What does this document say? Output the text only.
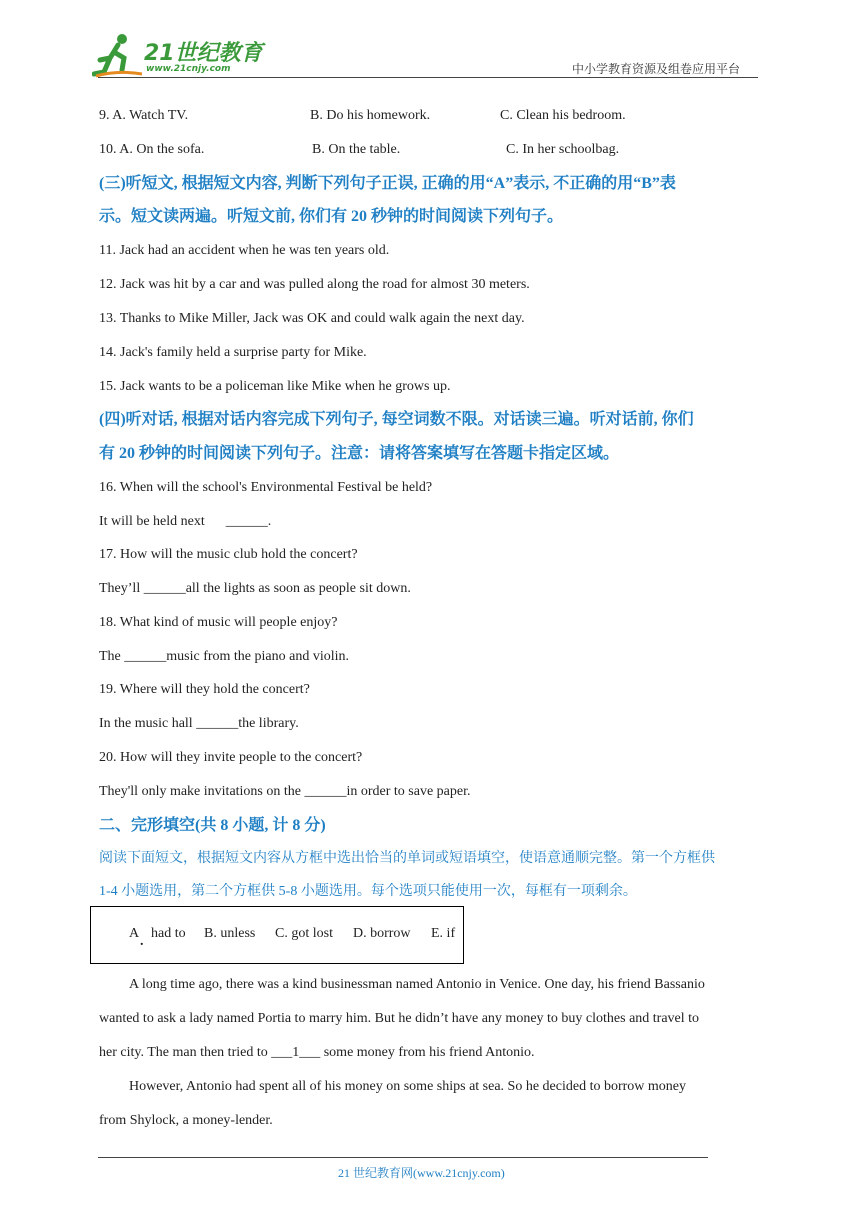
21世纪教育
www.21cnjy.com	中小学教育资源及组卷应用平台
9. A. Watch TV.	B. Do his homework.	C. Clean his bedroom.
10. A. On the sofa.	B. On the table.	C. In her schoolbag.
(三)听短文, 根据短文内容, 判断下列句子正误, 正确的用“A”表示, 不正确的用“B”表
示。短文读两遍。听短文前, 你们有 20 秒钟的时间阅读下列句子。
11. Jack had an accident when he was ten years old.
12. Jack was hit by a car and was pulled along the road for almost 30 meters.
13. Thanks to Mike Miller, Jack was OK and could walk again the next day.
14. Jack's family held a surprise party for Mike.
15. Jack wants to be a policeman like Mike when he grows up.
(四)听对话, 根据对话内容完成下列句子, 每空词数不限。对话读三遍。听对话前, 你们
有 20 秒钟的时间阅读下列句子。注意：请将答案填写在答题卡指定区域。
16. When will the school's Environmental Festival be held?
It will be held next      ______.
17. How will the music club hold the concert?
They’ll ______all the lights as soon as people sit down.
18. What kind of music will people enjoy?
The ______music from the piano and violin.
19. Where will they hold the concert?
In the music hall ______the library.
20. How will they invite people to the concert?
They'll only make invitations on the ______in order to save paper.
二、完形填空(共 8 小题, 计 8 分)
阅读下面短文，根据短文内容从方框中选出恰当的单词或短语填空，使语意通顺完整。第一个方框供
1-4 小题选用，第二个方框供 5-8 小题选用。每个选项只能使用一次，每框有一项剩余。
A
.
had to B. unless C. got lost D. borrow E. if
A long time ago, there was a kind businessman named Antonio in Venice. One day, his friend Bassanio
wanted to ask a lady named Portia to marry him. But he didn’t have any money to buy clothes and travel to
her city. The man then tried to ___1___ some money from his friend Antonio.
However, Antonio had spent all of his money on some ships at sea. So he decided to borrow money
from Shylock, a money-lender.
21 世纪教育网(www.21cnjy.com)
